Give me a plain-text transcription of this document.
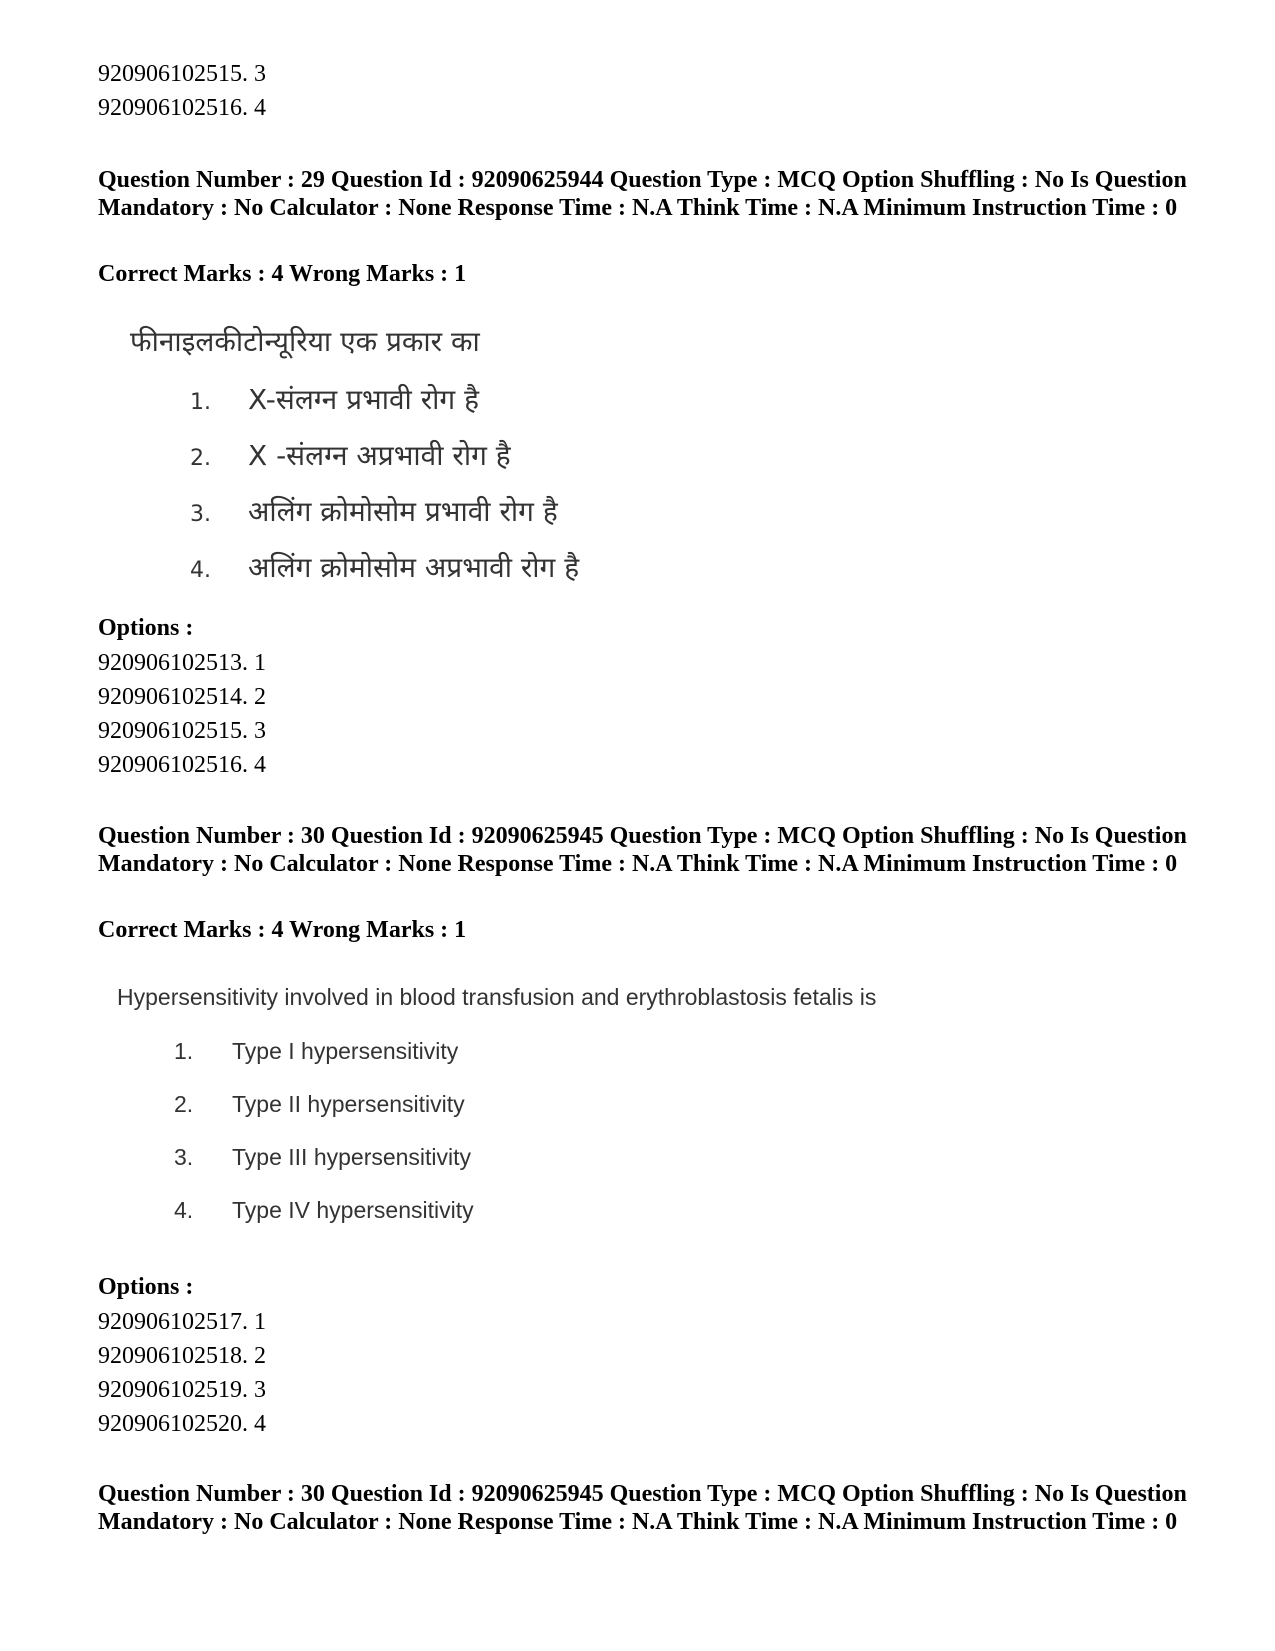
920906102515. 3
920906102516. 4
Question Number : 29 Question Id : 92090625944 Question Type : MCQ Option Shuffling : No Is Question Mandatory : No Calculator : None Response Time : N.A Think Time : N.A Minimum Instruction Time : 0
Correct Marks : 4 Wrong Marks : 1
फीनाइलकीटोन्यूरिया एक प्रकार का
1. X-संलग्न प्रभावी रोग है
2. X -संलग्न अप्रभावी रोग है
3. अलिंग क्रोमोसोम प्रभावी रोग है
4. अलिंग क्रोमोसोम अप्रभावी रोग है
Options :
920906102513. 1
920906102514. 2
920906102515. 3
920906102516. 4
Question Number : 30 Question Id : 92090625945 Question Type : MCQ Option Shuffling : No Is Question Mandatory : No Calculator : None Response Time : N.A Think Time : N.A Minimum Instruction Time : 0
Correct Marks : 4 Wrong Marks : 1
Hypersensitivity involved in blood transfusion and erythroblastosis fetalis is
1. Type I hypersensitivity
2. Type II hypersensitivity
3. Type III hypersensitivity
4. Type IV hypersensitivity
Options :
920906102517. 1
920906102518. 2
920906102519. 3
920906102520. 4
Question Number : 30 Question Id : 92090625945 Question Type : MCQ Option Shuffling : No Is Question Mandatory : No Calculator : None Response Time : N.A Think Time : N.A Minimum Instruction Time : 0
